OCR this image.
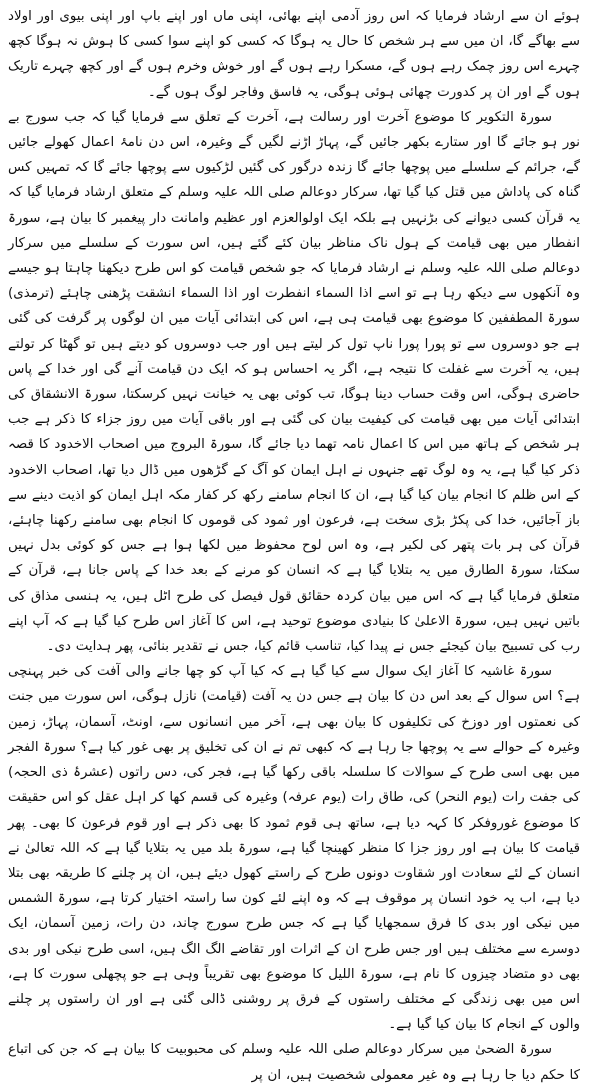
ہوئے ان سے ارشاد فرمایا کہ اس روز آدمی اپنے بھائی، اپنی ماں اور اپنے باپ اور اپنی بیوی اور اولاد سے بھاگے گا، ان میں سے ہر شخص کا حال یہ ہوگا کہ کسی کو اپنے سوا کسی کا ہوش نہ ہوگا کچھ چہرے اس روز چمک رہے ہوں گے، مسکرا رہے ہوں گے اور خوش وخرم ہوں گے اور کچھ چہرے تاریک ہوں گے اور ان پر کدورت چھائی ہوئی ہوگی، یہ فاسق وفاجر لوگ ہوں گے۔

سورۃ التکویر کا موضوع آخرت اور رسالت ہے، آخرت کے تعلق سے فرمایا گیا کہ جب سورج بے نور ہو جائے گا اور ستارے بکھر جائیں گے، پہاڑ اڑنے لگیں گے وغیرہ، اس دن نامۂ اعمال کھولے جائیں گے، جرائم کے سلسلے میں پوچھا جائے گا زندہ درگور کی گئیں لڑکیوں سے پوچھا جائے گا کہ تمہیں کس گناہ کی پاداش میں قتل کیا گیا تھا، سرکار دوعالم صلی اللہ علیہ وسلم کے متعلق ارشاد فرمایا گیا کہ یہ قرآن کسی دیوانے کی بڑنہیں ہے بلکہ ایک اولوالعزم اور عظیم وامانت دار پیغمبر کا بیان ہے، سورۃ انفطار میں بھی قیامت کے ہول ناک مناظر بیان کئے گئے ہیں، اس سورت کے سلسلے میں سرکار دوعالم صلی اللہ علیہ وسلم نے ارشاد فرمایا کہ جو شخص قیامت کو اس طرح دیکھنا چاہتا ہو جیسے وہ آنکھوں سے دیکھ رہا ہے تو اسے اذا السماء انفطرت اور اذا السماء انشقت پڑھنی چاہئے (ترمذی) سورۃ المطففین کا موضوع بھی قیامت ہی ہے، اس کی ابتدائی آیات میں ان لوگوں پر گرفت کی گئی ہے جو دوسروں سے تو پورا پورا ناپ تول کر لیتے ہیں اور جب دوسروں کو دیتے ہیں تو گھٹا کر تولتے ہیں، یہ آخرت سے غفلت کا نتیجہ ہے، اگر یہ احساس ہو کہ ایک دن قیامت آنے گی اور خدا کے پاس حاضری ہوگی، اس وقت حساب دینا ہوگا، تب کوئی بھی یہ خیانت نہیں کرسکتا، سورۃ الانشقاق کی ابتدائی آیات میں بھی قیامت کی کیفیت بیان کی گئی ہے اور باقی آیات میں روز جزاء کا ذکر ہے جب ہر شخص کے ہاتھ میں اس کا اعمال نامہ تھما دیا جائے گا، سورۃ البروج میں اصحاب الاخدود کا قصہ ذکر کیا گیا ہے، یہ وہ لوگ تھے جنہوں نے اہل ایمان کو آگ کے گڑھوں میں ڈال دیا تھا، اصحاب الاخدود کے اس ظلم کا انجام بیان کیا گیا ہے، ان کا انجام سامنے رکھ کر کفار مکہ اہل ایمان کو اذیت دینے سے باز آجائیں، خدا کی پکڑ بڑی سخت ہے، فرعون اور ثمود کی قوموں کا انجام بھی سامنے رکھنا چاہئے، قرآن کی ہر بات پتھر کی لکیر ہے، وہ اس لوح محفوظ میں لکھا ہوا ہے جس کو کوئی بدل نہیں سکتا، سورۃ الطارق میں یہ بتلایا گیا ہے کہ انسان کو مرنے کے بعد خدا کے پاس جانا ہے، قرآن کے متعلق فرمایا گیا ہے کہ اس میں بیان کردہ حقائق قول فیصل کی طرح اٹل ہیں، یہ ہنسی مذاق کی باتیں نہیں ہیں، سورۃ الاعلیٰ کا بنیادی موضوع توحید ہے، اس کا آغاز اس طرح کیا گیا ہے کہ آپ اپنے رب کی تسبیح بیان کیجئے جس نے پیدا کیا، تناسب قائم کیا، جس نے تقدیر بنائی، پھر ہدایت دی۔

سورۃ غاشیہ کا آغاز ایک سوال سے کیا گیا ہے کہ کیا آپ کو چھا جانے والی آفت کی خبر پہنچی ہے؟ اس سوال کے بعد اس دن کا بیان ہے جس دن یہ آفت (قیامت) نازل ہوگی، اس سورت میں جنت کی نعمتوں اور دوزخ کی تکلیفوں کا بیان بھی ہے، آخر میں انسانوں سے، اونٹ، آسمان، پہاڑ، زمین وغیرہ کے حوالے سے یہ پوچھا جا رہا ہے کہ کبھی تم نے ان کی تخلیق پر بھی غور کیا ہے؟ سورۃ الفجر میں بھی اسی طرح کے سوالات کا سلسلہ باقی رکھا گیا ہے، فجر کی، دس راتوں (عشرۂ ذی الحجہ) کی جفت رات (یوم النحر) کی، طاق رات (یوم عرفہ) وغیرہ کی قسم کھا کر اہل عقل کو اس حقیقت کا موضوع غوروفکر کا کہہ دیا ہے، ساتھ ہی قوم ثمود کا بھی ذکر ہے اور قوم فرعون کا بھی۔ پھر قیامت کا بیان ہے اور روز جزا کا منظر کھینچا گیا ہے، سورۃ بلد میں یہ بتلایا گیا ہے کہ اللہ تعالیٰ نے انسان کے لئے سعادت اور شقاوت دونوں طرح کے راستے کھول دیئے ہیں، ان پر چلنے کا طریقہ بھی بتلا دیا ہے، اب یہ خود انسان پر موقوف ہے کہ وہ اپنے لئے کون سا راستہ اختیار کرتا ہے، سورۃ الشمس میں نیکی اور بدی کا فرق سمجھایا گیا ہے کہ جس طرح سورج چاند، دن رات، زمین آسمان، ایک دوسرے سے مختلف ہیں اور جس طرح ان کے اثرات اور تقاضے الگ الگ ہیں، اسی طرح نیکی اور بدی بھی دو متضاد چیزوں کا نام ہے، سورۃ اللیل کا موضوع بھی تقریباً وہی ہے جو پچھلی سورت کا ہے، اس میں بھی زندگی کے مختلف راستوں کے فرق پر روشنی ڈالی گئی ہے اور ان راستوں پر چلنے والوں کے انجام کا بیان کیا گیا ہے۔

سورۃ الضحیٰ میں سرکار دوعالم صلی اللہ علیہ وسلم کی محبوبیت کا بیان ہے کہ جن کی اتباع کا حکم دیا جا رہا ہے وہ غیر معمولی شخصیت ہیں، ان پر
